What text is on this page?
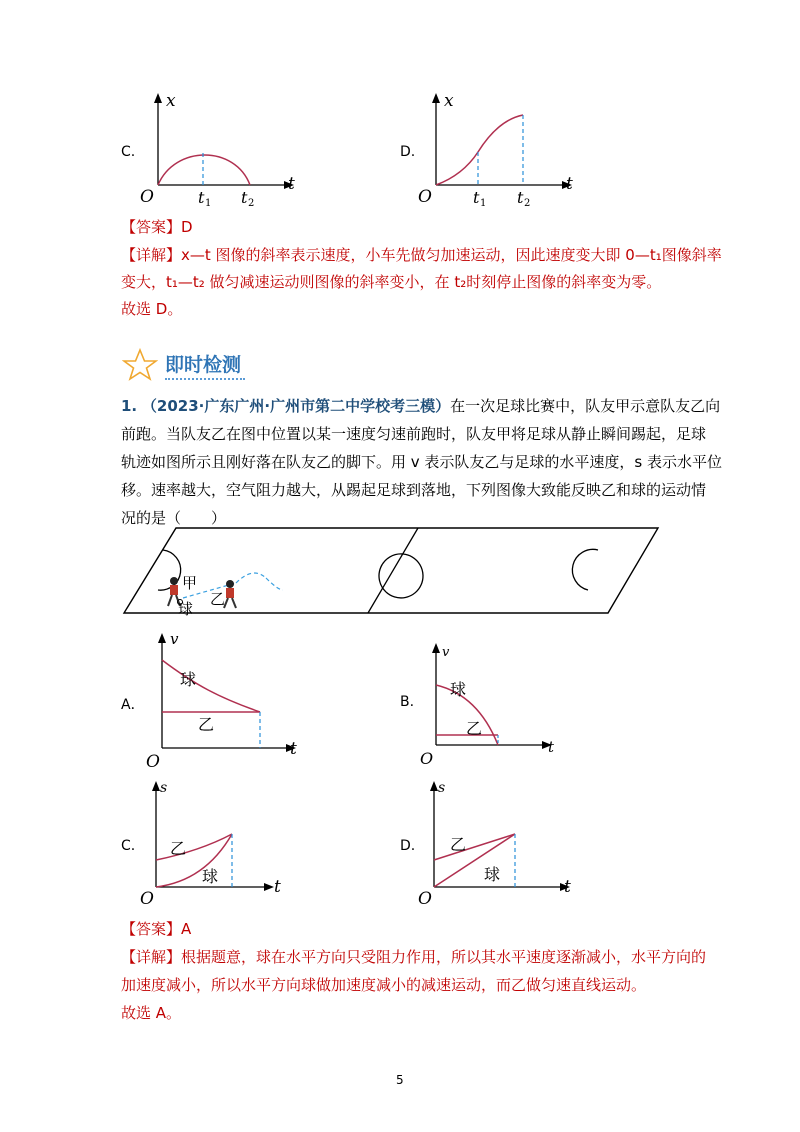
C.
x
t
O	t 1 t 2
D.
x
t
O	t 1 t 2
【答案】D
【详解】x—t 图像的斜率表示速度，小车先做匀加速运动，因此速度变大即 0—t₁图像斜率
变大，t₁—t₂ 做匀减速运动则图像的斜率变小，在 t₂时刻停止图像的斜率变为零。
故选 D。
即时检测
1. （2023·广东广州·广州市第二中学校考三模）在一次足球比赛中，队友甲示意队友乙向
前跑。当队友乙在图中位置以某一速度匀速前跑时，队友甲将足球从静止瞬间踢起，足球
轨迹如图所示且刚好落在队友乙的脚下。用 v 表示队友乙与足球的水平速度，s 表示水平位
移。速率越大，空气阻力越大，从踢起足球到落地，下列图像大致能反映乙和球的运动情
况的是（　　）
甲
乙
球
A．
v
t
O
球
乙
B.
v
t
O
球
乙
C.
s
t
O
乙
球
D.
s
t
O
乙
球
【答案】A
【详解】根据题意，球在水平方向只受阻力作用，所以其水平速度逐渐减小，水平方向的
加速度减小，所以水平方向球做加速度减小的减速运动，而乙做匀速直线运动。
故选 A。
5
